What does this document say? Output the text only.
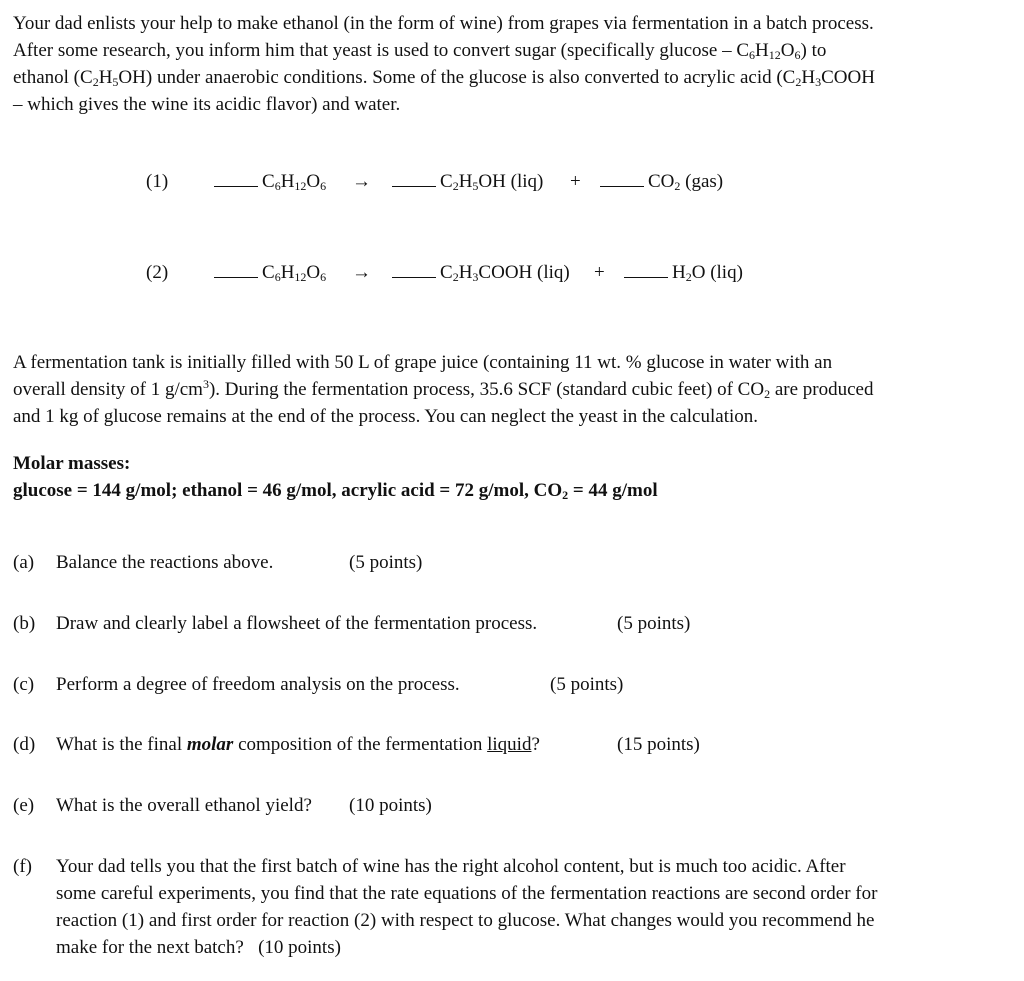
Your dad enlists your help to make ethanol (in the form of wine) from grapes via fermentation in a batch process.

After some research, you inform him that yeast is used to convert sugar (specifically glucose – $C_6H_{12}O_6$) to

ethanol $(C_2H_5OH)$ under anaerobic conditions. Some of the glucose is also converted to acrylic acid ($C_2H_3COOH$

– which gives the wine its acidic flavor) and water.

(1)	$C_6H_{12}O_6$ →	$C_2H_5OH$ (liq) +	$CO_2$ (gas)
(2)	$C_6H_{12}O_6$ →	$C_2H_3COOH$ (liq) +	$H_2O$ (liq)

A fermentation tank is initially filled with 50 L of grape juice (containing 11 wt. % glucose in water with an

overall density of 1 $g/cm^3$). During the fermentation process, 35.6 SCF (standard cubic feet) of $CO_2$ are produced

and 1 kg of glucose remains at the end of the process. You can neglect the yeast in the calculation.

Molar masses:
glucose = 144 g/mol; ethanol = 46 g/mol, acrylic acid = 72 g/mol, $CO_2 = 44$ g/mol
(a) Balance the reactions above.	(5 points)
(b) Draw and clearly label a flowsheet of the fermentation process.	(5 points)
(c) Perform a degree of freedom analysis on the process.	(5 points)
(d) What is the final molar composition of the fermentation liquid?	(15 points)
(e) What is the overall ethanol yield?	(10 points)
(f) Your dad tells you that the first batch of wine has the right alcohol content, but is much too acidic. After
some careful experiments, you find that the rate equations of the fermentation reactions are second order for
reaction (1) and first order for reaction (2) with respect to glucose. What changes would you recommend he
make for the next batch? (10 points)
